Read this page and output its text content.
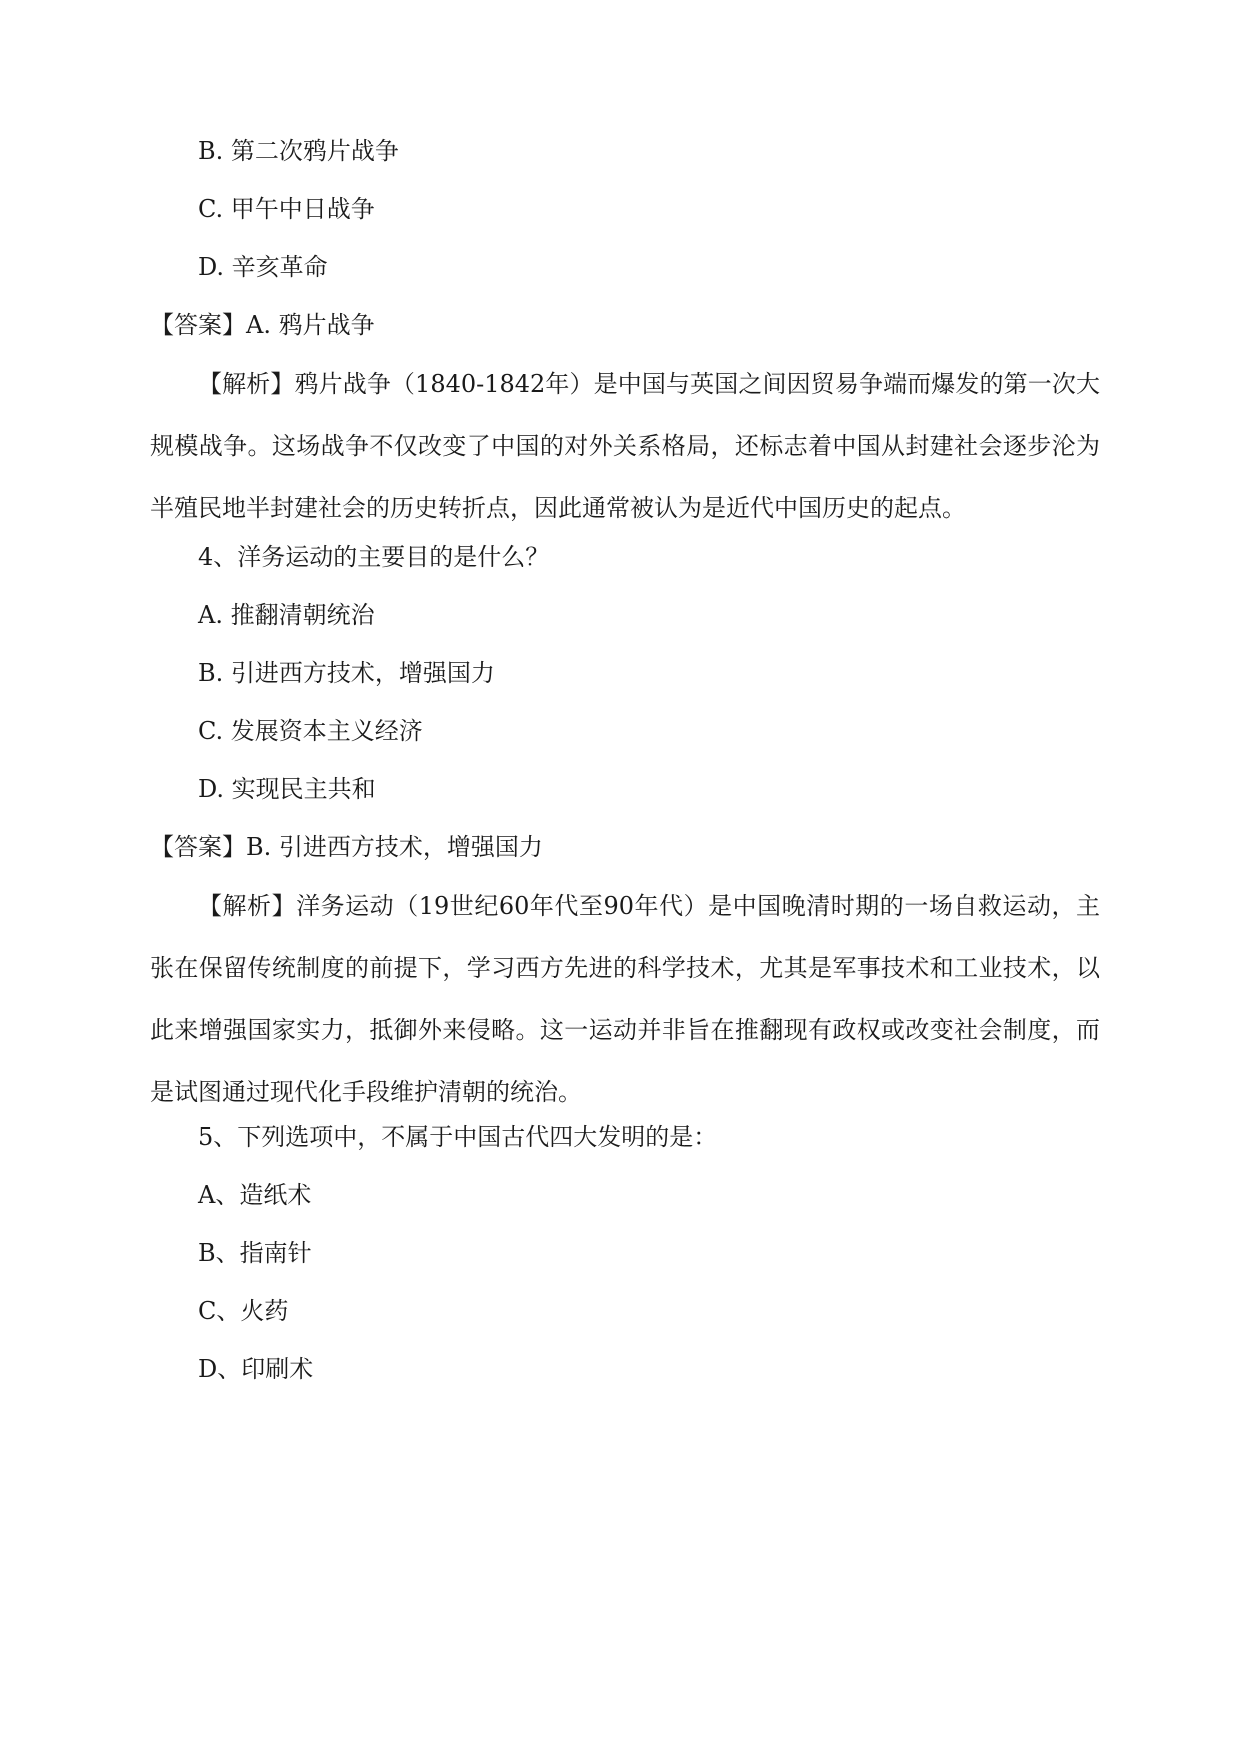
B. 第二次鸦片战争
C. 甲午中日战争
D. 辛亥革命
【答案】A. 鸦片战争
【解析】鸦片战争（1840-1842年）是中国与英国之间因贸易争端而爆发的第一次大规模战争。这场战争不仅改变了中国的对外关系格局，还标志着中国从封建社会逐步沦为半殖民地半封建社会的历史转折点，因此通常被认为是近代中国历史的起点。
4、洋务运动的主要目的是什么？
A. 推翻清朝统治
B. 引进西方技术，增强国力
C. 发展资本主义经济
D. 实现民主共和
【答案】B. 引进西方技术，增强国力
【解析】洋务运动（19世纪60年代至90年代）是中国晚清时期的一场自救运动，主张在保留传统制度的前提下，学习西方先进的科学技术，尤其是军事技术和工业技术，以此来增强国家实力，抵御外来侵略。这一运动并非旨在推翻现有政权或改变社会制度，而是试图通过现代化手段维护清朝的统治。
5、下列选项中，不属于中国古代四大发明的是：
A、造纸术
B、指南针
C、火药
D、印刷术
